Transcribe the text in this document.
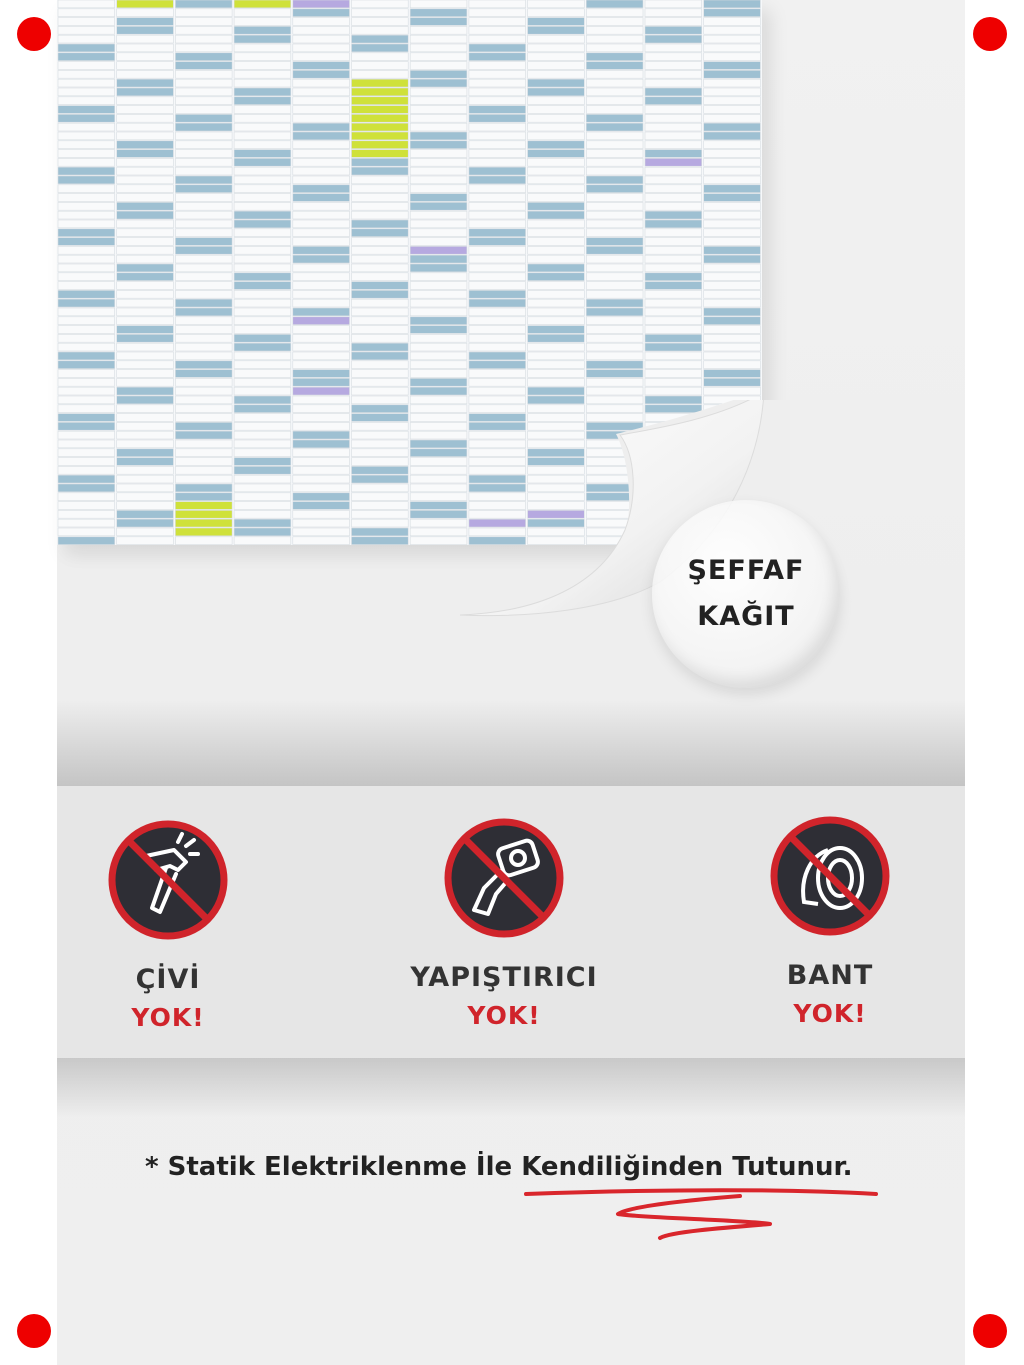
ŞEFFAF
KAĞIT
ÇİVİ
YOK!
YAPIŞTIRICI
YOK!
BANT
YOK!
* Statik Elektriklenme İle Kendiliğinden Tutunur.
